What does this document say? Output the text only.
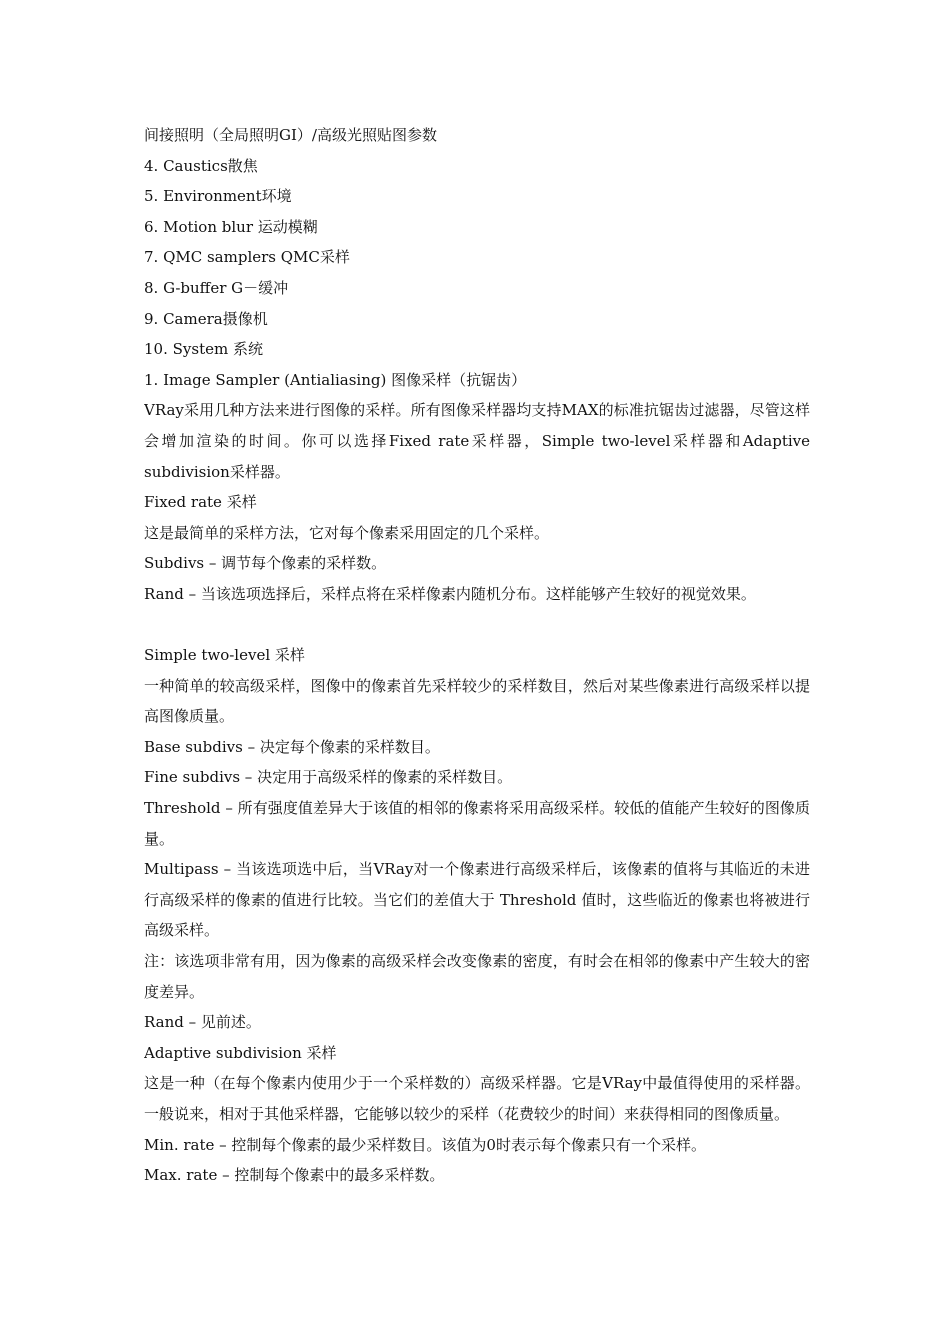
间接照明（全局照明GI）/高级光照贴图参数
4. Caustics散焦
5. Environment环境
6. Motion blur 运动模糊
7. QMC samplers QMC采样
8. G-buffer G－缓冲
9. Camera摄像机
10. System 系统
1. Image Sampler (Antialiasing) 图像采样（抗锯齿）
VRay采用几种方法来进行图像的采样。所有图像采样器均支持MAX的标准抗锯齿过滤器，尽管这样会增加渲染的时间。你可以选择Fixed rate采样器，Simple two-level采样器和Adaptive subdivision采样器。
Fixed rate 采样
这是最简单的采样方法，它对每个像素采用固定的几个采样。
Subdivs – 调节每个像素的采样数。
Rand – 当该选项选择后，采样点将在采样像素内随机分布。这样能够产生较好的视觉效果。
Simple two-level 采样
一种简单的较高级采样，图像中的像素首先采样较少的采样数目，然后对某些像素进行高级采样以提高图像质量。
Base subdivs – 决定每个像素的采样数目。
Fine subdivs – 决定用于高级采样的像素的采样数目。
Threshold – 所有强度值差异大于该值的相邻的像素将采用高级采样。较低的值能产生较好的图像质量。
Multipass – 当该选项选中后，当VRay对一个像素进行高级采样后，该像素的值将与其临近的未进行高级采样的像素的值进行比较。当它们的差值大于 Threshold 值时，这些临近的像素也将被进行高级采样。
注：该选项非常有用，因为像素的高级采样会改变像素的密度，有时会在相邻的像素中产生较大的密度差异。
Rand – 见前述。
Adaptive subdivision 采样
这是一种（在每个像素内使用少于一个采样数的）高级采样器。它是VRay中最值得使用的采样器。一般说来，相对于其他采样器，它能够以较少的采样（花费较少的时间）来获得相同的图像质量。
Min. rate – 控制每个像素的最少采样数目。该值为0时表示每个像素只有一个采样。
Max. rate – 控制每个像素中的最多采样数。
